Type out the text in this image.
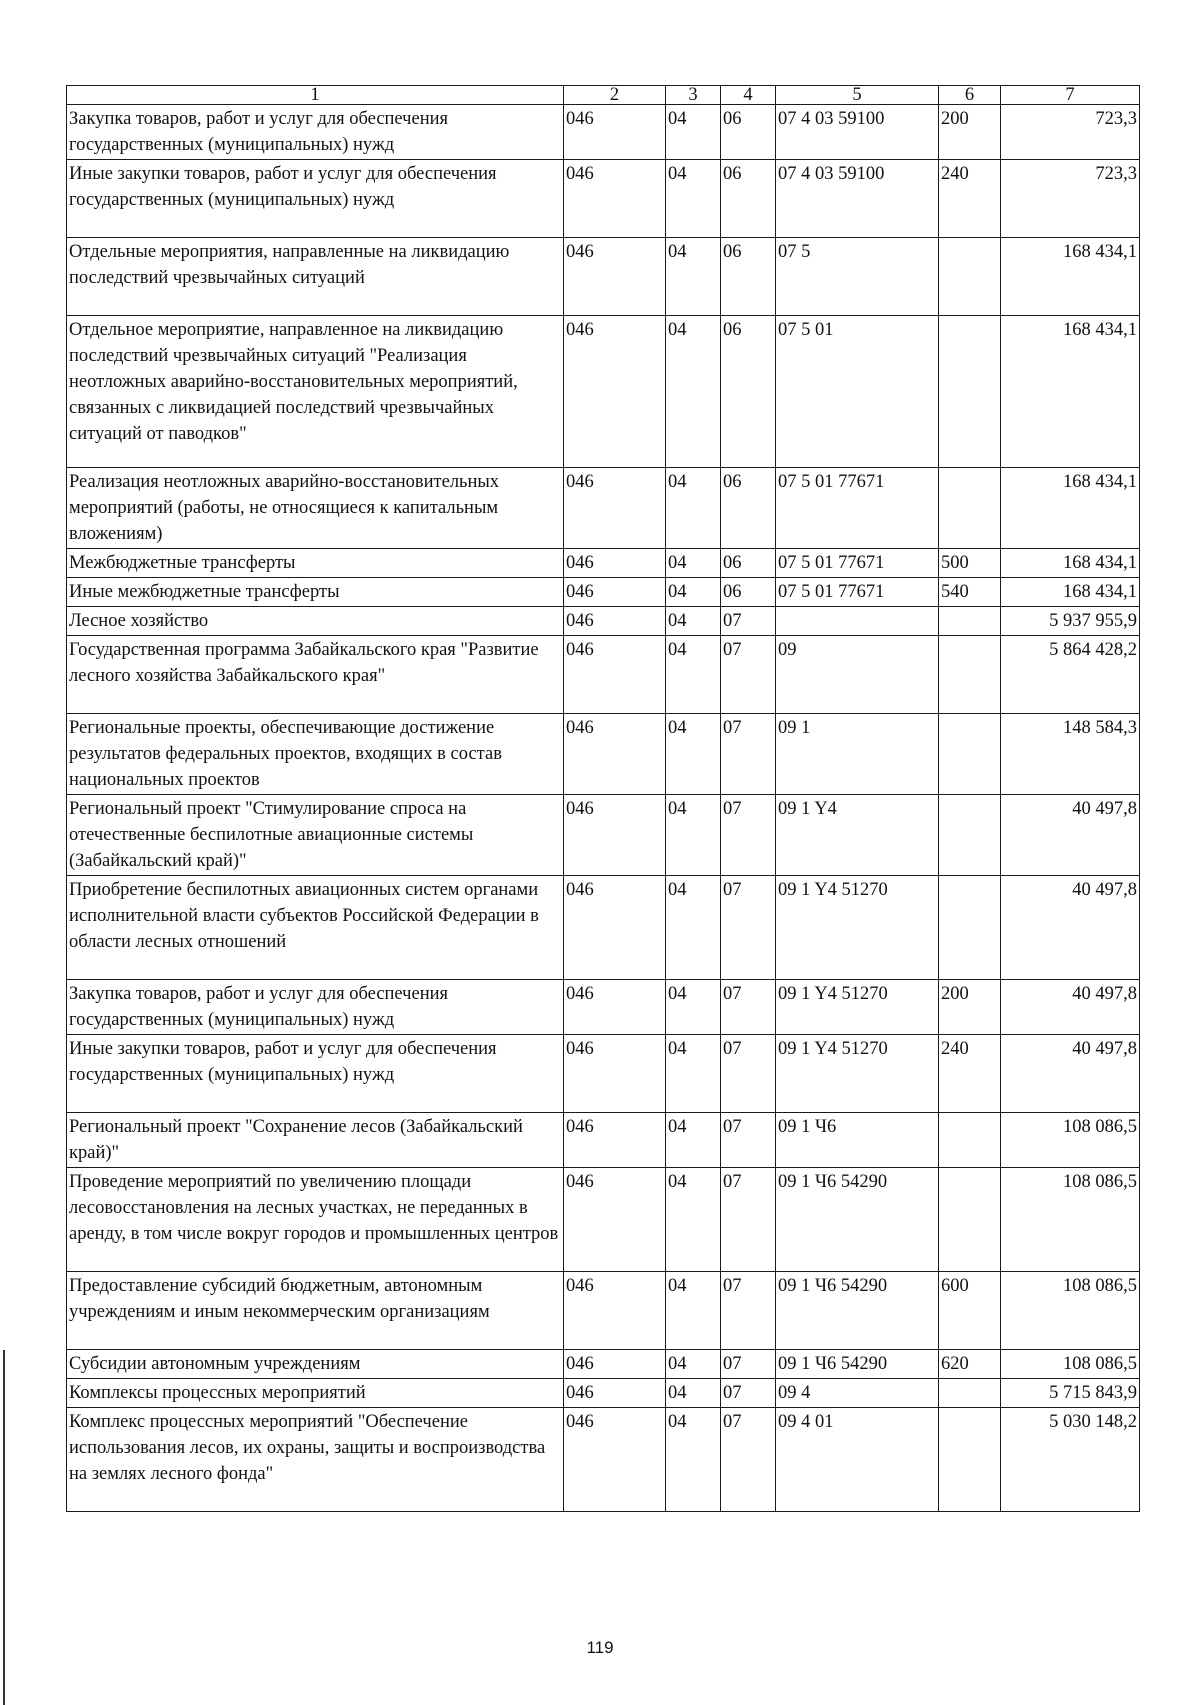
1	2	3	4	5	6	7
Закупка товаров, работ и услуг для обеспечения государственных (муниципальных) нужд	046	04	06	07 4 03 59100	200	723,3
Иные закупки товаров, работ и услуг для обеспечения государственных (муниципальных) нужд	046	04	06	07 4 03 59100	240	723,3
Отдельные мероприятия, направленные на ликвидацию последствий чрезвычайных ситуаций	046	04	06	07 5		168 434,1
Отдельное мероприятие, направленное на ликвидацию последствий чрезвычайных ситуаций "Реализация неотложных аварийно-восстановительных мероприятий, связанных с ликвидацией последствий чрезвычайных ситуаций от паводков"	046	04	06	07 5 01		168 434,1
Реализация неотложных аварийно-восстановительных мероприятий (работы, не относящиеся к капитальным вложениям)	046	04	06	07 5 01 77671		168 434,1
Межбюджетные трансферты	046	04	06	07 5 01 77671	500	168 434,1
Иные межбюджетные трансферты	046	04	06	07 5 01 77671	540	168 434,1
Лесное хозяйство	046	04	07			5 937 955,9
Государственная программа Забайкальского края "Развитие лесного хозяйства Забайкальского края"	046	04	07	09		5 864 428,2
Региональные проекты, обеспечивающие достижение результатов федеральных проектов, входящих в состав национальных проектов	046	04	07	09 1		148 584,3
Региональный проект "Стимулирование спроса на отечественные беспилотные авиационные системы (Забайкальский край)"	046	04	07	09 1 Y4		40 497,8
Приобретение беспилотных авиационных систем органами исполнительной власти субъектов Российской Федерации в области лесных отношений	046	04	07	09 1 Y4 51270		40 497,8
Закупка товаров, работ и услуг для обеспечения государственных (муниципальных) нужд	046	04	07	09 1 Y4 51270	200	40 497,8
Иные закупки товаров, работ и услуг для обеспечения государственных (муниципальных) нужд	046	04	07	09 1 Y4 51270	240	40 497,8
Региональный проект "Сохранение лесов (Забайкальский край)"	046	04	07	09 1 Ч6		108 086,5
Проведение мероприятий по увеличению площади лесовосстановления на лесных участках, не переданных в аренду, в том числе вокруг городов и промышленных центров	046	04	07	09 1 Ч6 54290		108 086,5
Предоставление субсидий бюджетным, автономным учреждениям и иным некоммерческим организациям	046	04	07	09 1 Ч6 54290	600	108 086,5
Субсидии автономным учреждениям	046	04	07	09 1 Ч6 54290	620	108 086,5
Комплексы процессных мероприятий	046	04	07	09 4		5 715 843,9
Комплекс процессных мероприятий "Обеспечение использования лесов, их охраны, защиты и воспроизводства на землях лесного фонда"	046	04	07	09 4 01		5 030 148,2
119
